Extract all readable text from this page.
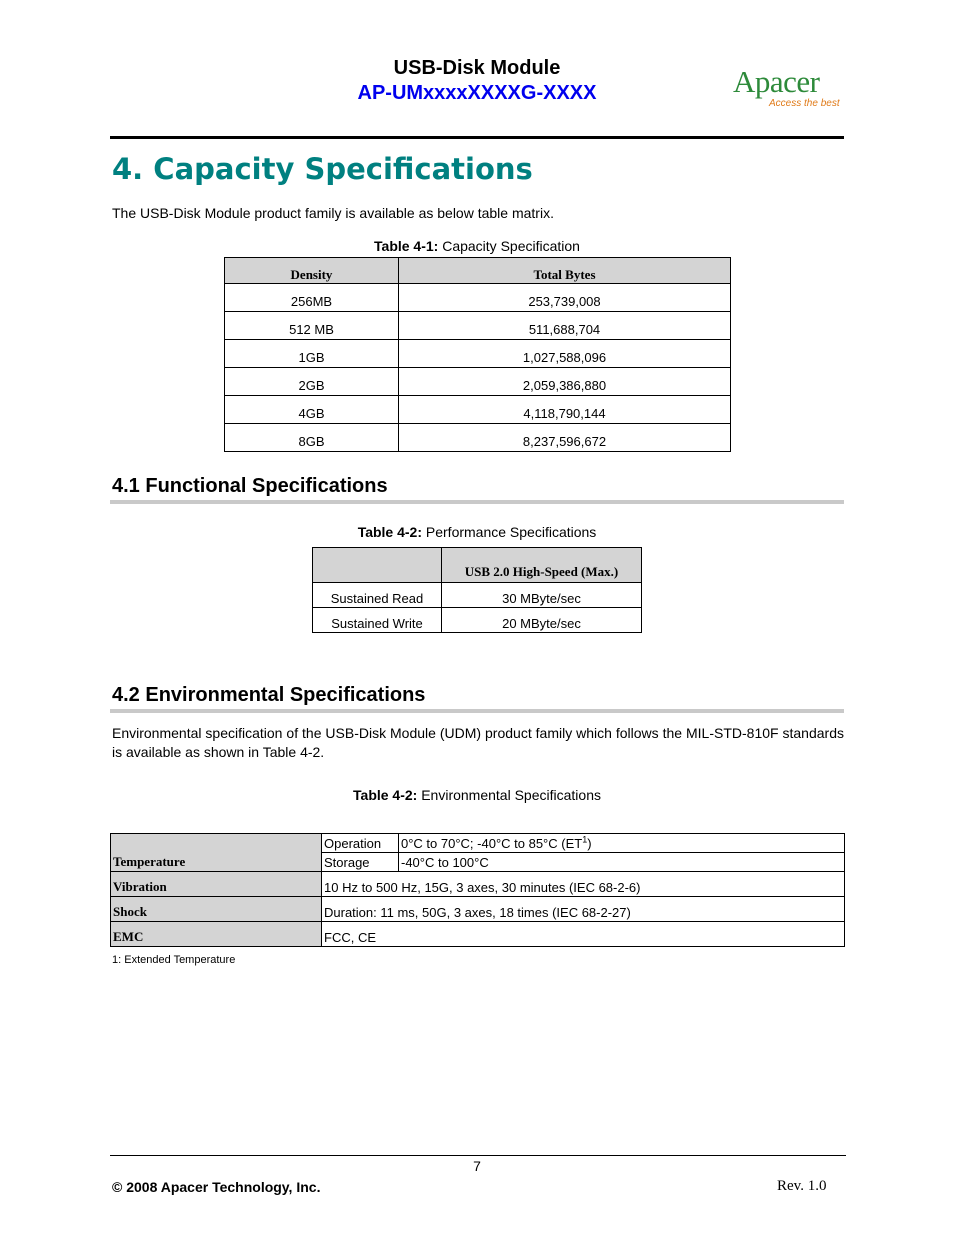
USB-Disk Module
AP-UMxxxxXXXXG-XXXX	Apacer
Access the best
4. Capacity Specifications
The USB-Disk Module product family is available as below table matrix.
Table 4-1: Capacity Specification
Density	Total Bytes
256MB	253,739,008
512 MB	511,688,704
1GB	1,027,588,096
2GB	2,059,386,880
4GB	4,118,790,144
8GB	8,237,596,672
4.1 Functional Specifications
Table 4-2: Performance Specifications
	USB 2.0 High-Speed (Max.)
Sustained Read	30 MByte/sec
Sustained Write	20 MByte/sec
4.2 Environmental Specifications
Environmental specification of the USB-Disk Module (UDM) product family which follows the MIL-STD-810F standards is available as shown in Table 4-2.
Table 4-2: Environmental Specifications
Temperature	Operation	0°C to 70°C; -40°C to 85°C $(ET^1)$
	Storage	-40°C to 100°C
Vibration	10 Hz to 500 Hz, 15G, 3 axes, 30 minutes (IEC 68-2-6)	
Shock	Duration: 11 ms, 50G, 3 axes, 18 times (IEC 68-2-27)	
EMC	FCC, CE	
1: Extended Temperature
7
© 2008 Apacer Technology, Inc.	Rev. 1.0
